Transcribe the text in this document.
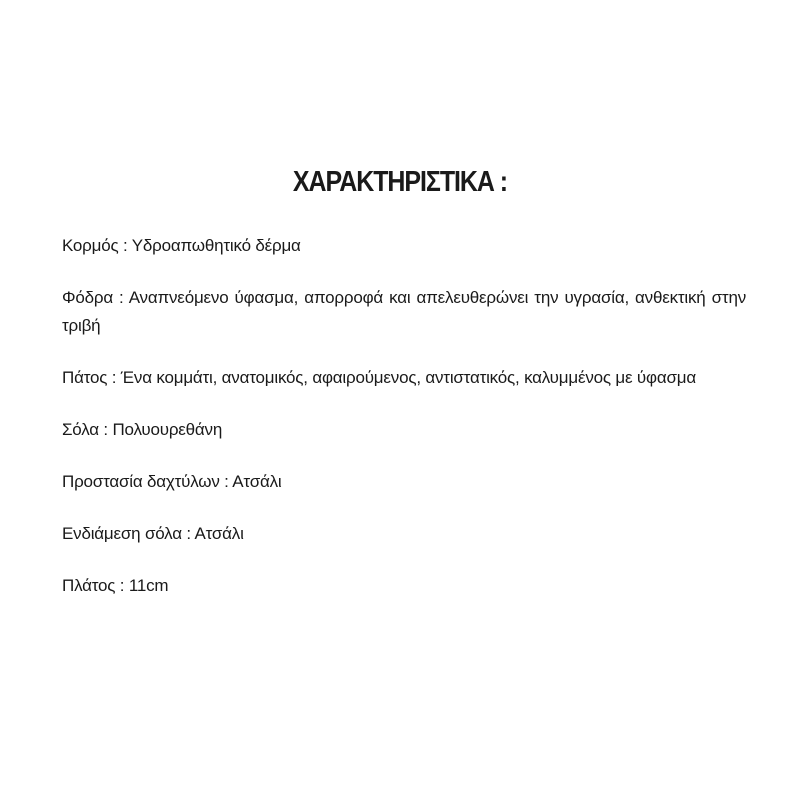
ΧΑΡΑΚΤΗΡΙΣΤΙΚΑ :
Κορμός : Υδροαπωθητικό δέρμα
Φόδρα : Αναπνεόμενο ύφασμα, απορροφά και απελευθερώνει την υγρασία, ανθεκτική στην τριβή
Πάτος : Ένα κομμάτι, ανατομικός, αφαιρούμενος, αντιστατικός, καλυμμένος με ύφασμα
Σόλα : Πολυουρεθάνη
Προστασία δαχτύλων : Ατσάλι
Ενδιάμεση σόλα : Ατσάλι
Πλάτος : 11cm
